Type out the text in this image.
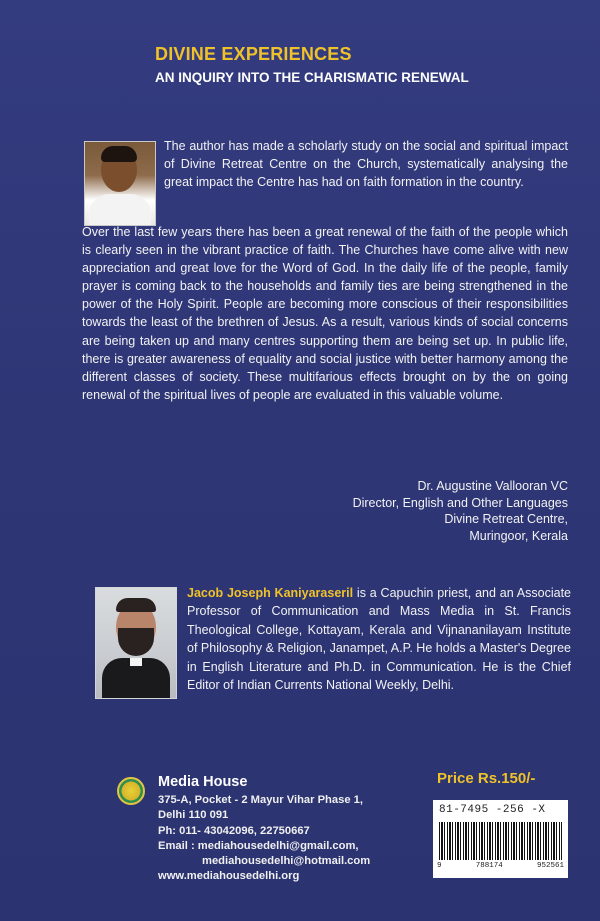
DIVINE EXPERIENCES
AN INQUIRY INTO THE CHARISMATIC RENEWAL
The author has made a scholarly study on the social and spiritual impact of Divine Retreat Centre on the Church, systematically analysing the great impact the Centre has had on faith formation in the country.
Over the last few years there has been a great renewal of the faith of the people which is clearly seen in the vibrant practice of faith. The Churches have come alive with new appreciation and great love for the Word of God. In the daily life of the people, family prayer is coming back to the households and family ties are being strengthened in the power of the Holy Spirit. People are becoming more conscious of their responsibilities towards the least of the brethren of Jesus. As a result, various kinds of social concerns are being taken up and many centres supporting them are being set up. In public life, there is greater awareness of equality and social justice with better harmony among the different classes of society. These multifarious effects brought on by the on going renewal of the spiritual lives of people are evaluated in this valuable volume.
Dr. Augustine Vallooran VC
Director, English and Other Languages
Divine Retreat Centre,
Muringoor, Kerala
Jacob Joseph Kaniyaraseril is a Capuchin priest, and an Associate Professor of Communication and Mass Media in St. Francis Theological College, Kottayam, Kerala and Vijnananilayam Institute of Philosophy & Religion, Janampet, A.P. He holds a Master's Degree in English Literature and Ph.D. in Communication. He is the Chief Editor of Indian Currents National Weekly, Delhi.
Media House
375-A, Pocket - 2 Mayur Vihar Phase 1,
Delhi 110 091
Ph: 011- 43042096, 22750667
Email : mediahousedelhi@gmail.com,
mediahousedelhi@hotmail.com
www.mediahousedelhi.org
Price Rs.150/-
81-7495 -256 -X
9	788174	952561
